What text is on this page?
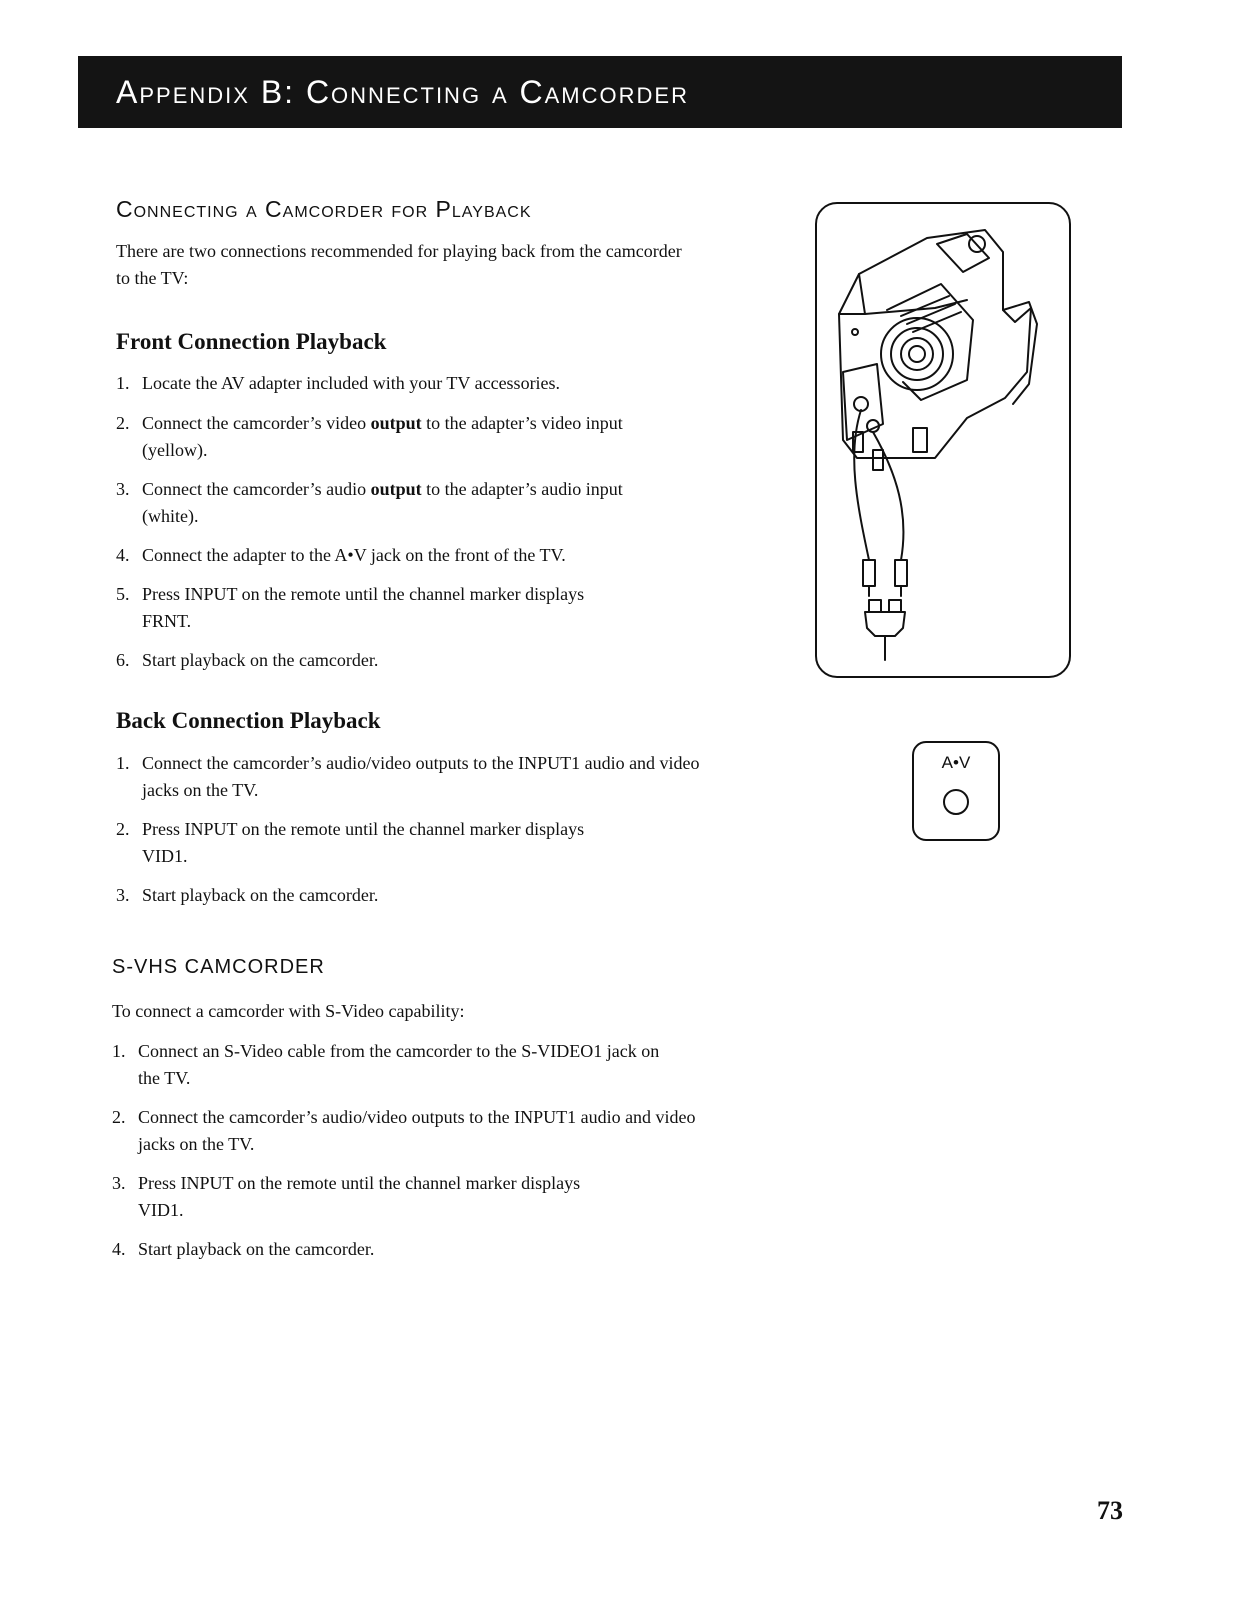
Appendix B: Connecting a Camcorder
Connecting a Camcorder for Playback

There are two connections recommended for playing back from the camcorder to the TV:

Front Connection Playback
1. Locate the AV adapter included with your TV accessories.
2. Connect the camcorder’s video output to the adapter’s video input (yellow).
3. Connect the camcorder’s audio output to the adapter’s audio input (white).
4. Connect the adapter to the A•V jack on the front of the TV.
5. Press INPUT on the remote until the channel marker displays FRNT.
6. Start playback on the camcorder.
Back Connection Playback
1. Connect the camcorder’s audio/video outputs to the INPUT1 audio and video jacks on the TV.
2. Press INPUT on the remote until the channel marker displays VID1.
3. Start playback on the camcorder.
S-VHS CAMCORDER

To connect a camcorder with S-Video capability:

1. Connect an S-Video cable from the camcorder to the S-VIDEO1 jack on the TV.
2. Connect the camcorder’s audio/video outputs to the INPUT1 audio and video jacks on the TV.
3. Press INPUT on the remote until the channel marker displays VID1.
4. Start playback on the camcorder.
A•V
73
